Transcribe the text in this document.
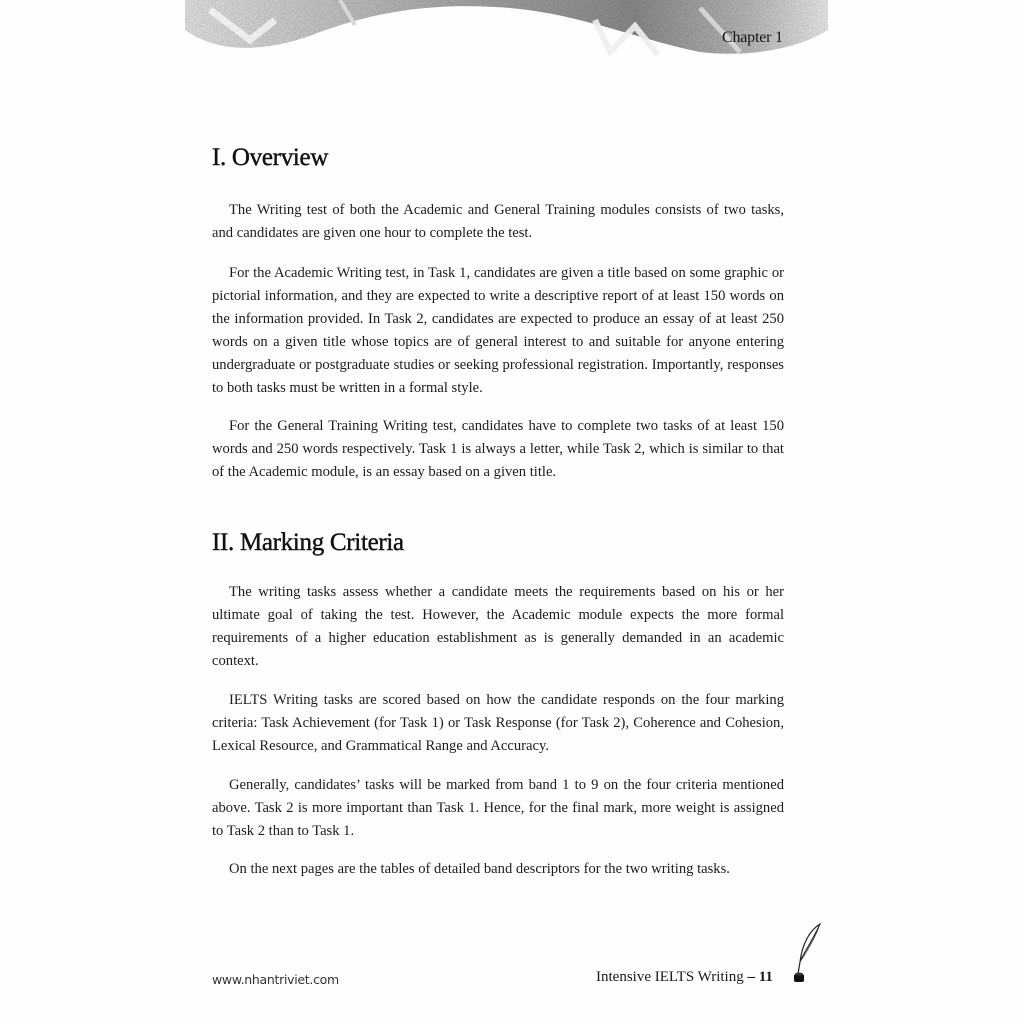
Chapter 1
I. Overview

The Writing test of both the Academic and General Training modules consists of two tasks, and candidates are given one hour to complete the test.

For the Academic Writing test, in Task 1, candidates are given a title based on some graphic or pictorial information, and they are expected to write a descriptive report of at least 150 words on the information provided. In Task 2, candidates are expected to produce an essay of at least 250 words on a given title whose topics are of general interest to and suitable for anyone entering undergraduate or postgraduate studies or seeking professional registration. Importantly, responses to both tasks must be written in a formal style.

For the General Training Writing test, candidates have to complete two tasks of at least 150 words and 250 words respectively. Task 1 is always a letter, while Task 2, which is similar to that of the Academic module, is an essay based on a given title.

II. Marking Criteria

The writing tasks assess whether a candidate meets the requirements based on his or her ultimate goal of taking the test. However, the Academic module expects the more formal requirements of a higher education establishment as is generally demanded in an academic context.

IELTS Writing tasks are scored based on how the candidate responds on the four marking criteria: Task Achievement (for Task 1) or Task Response (for Task 2), Coherence and Cohesion, Lexical Resource, and Grammatical Range and Accuracy.

Generally, candidates’ tasks will be marked from band 1 to 9 on the four criteria mentioned above. Task 2 is more important than Task 1. Hence, for the final mark, more weight is assigned to Task 2 than to Task 1.

On the next pages are the tables of detailed band descriptors for the two writing tasks.

www.nhantriviet.com	Intensive IELTS Writing – 11
